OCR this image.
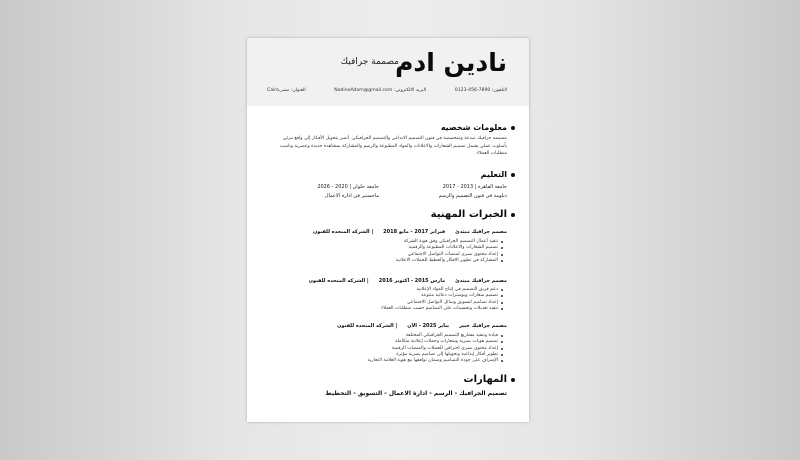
نادين ادم
مصممة جرافيك
التلفون: 7890-456-0123
البريد الالكتروني: NadineAdam@gmail.com
العنوان: مصر,Cairo
معلومات شخصيه
مصممه جرافيك مبدعة ومتخصصة في فنون التصميم الابداعي والتصميم الجرافيكي. أتميز بتحويل الأفكار إلى واقع مرئي بأسلوب عملي يشمل تصميم الشعارات والاعلانات والمواد المطبوعة والرسم والمشاركة بمشاهدة جديدة وعصرية وناسب متطلبات العملاء.
التعليم
جامعة القاهرة | 2013 - 2017
دبلومة في فنون التصميم والرسم
جامعة حلوان | 2020 - 2026
ماجستير في ادارة الاعمال
الخبرات المهنية
مصمم جرافيك مبتدئ
فبراير 2017 - مايو 2018
| الشركه المتحده للفنون
تنفيذ أعمال التصميم الجرافيكي وفق هوية الشركة
تصميم الشعارات والاعلانات المطبوعة والرقمية
إعداد محتوى بصري لمنصات التواصل الاجتماعي
المشاركة في تطوير الافكار والخطط للحملات الاعلانية
مصمم جرافيك مبتدئ
مارس 2015 - اكتوبر 2016
| الشركه المتحده للفنون
دعم فريق التصميم في إنتاج المواد الإعلانية
تصميم شعارات وبوسترات دعائية متنوعة
إعداد تصاميم لتسويق وسائل التواصل الاجتماعي
تنفيذ تعديلات وتحسينات على التصاميم حسب متطلبات العملاء
مصمم جرافيك خبير
يناير 2025 - الآن
| الشركه المتحده للفنون
قيادة وتنفيذ مشاريع التصميم الجرافيكي المختلفة
تصميم هويات بصرية وشعارات وحملات إعلانية متكاملة
إعداد محتوى بصري احترافي للحملات والمنصات الرقمية
تطوير أفكار إبداعية وتحويلها إلى تصاميم بصرية مؤثرة
الإشراف على جودة التصاميم وضمان توافقها مع هوية العلامة التجارية
المهارات
تصميم الجرافيك - الرسم - ادارة الاعمال - التسويق - التخطيط
